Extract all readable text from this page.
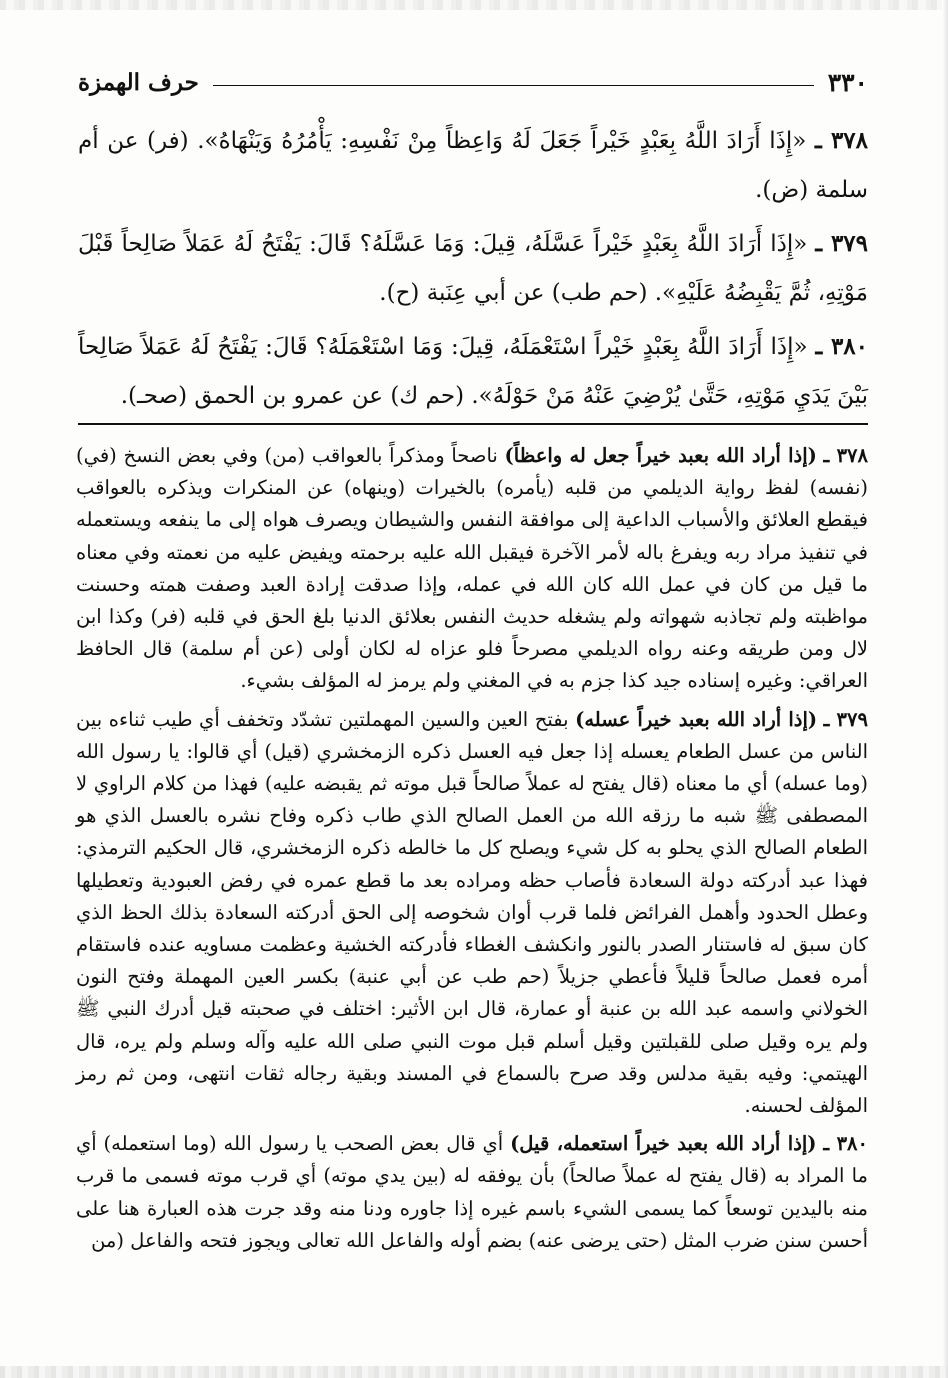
٣٣٠
حرف الهمزة

٣٧٨ ـ «إِذَا أَرَادَ اللَّهُ بِعَبْدٍ خَيْراً جَعَلَ لَهُ وَاعِظاً مِنْ نَفْسِهِ: يَأْمُرُهُ وَيَنْهَاهُ». (فر) عن أم سلمة (ض).

٣٧٩ ـ «إِذَا أَرَادَ اللَّهُ بِعَبْدٍ خَيْراً عَسَّلَهُ، قِيلَ: وَمَا عَسَّلَهُ؟ قَالَ: يَفْتَحُ لَهُ عَمَلاً صَالِحاً قَبْلَ مَوْتِهِ، ثُمَّ يَقْبِضُهُ عَلَيْهِ». (حم طب) عن أبي عِنَبة (ح).

٣٨٠ ـ «إِذَا أَرَادَ اللَّهُ بِعَبْدٍ خَيْراً اسْتَعْمَلَهُ، قِيلَ: وَمَا اسْتَعْمَلَهُ؟ قَالَ: يَفْتَحُ لَهُ عَمَلاً صَالِحاً بَيْنَ يَدَيِ مَوْتِهِ، حَتَّىٰ يُرْضِيَ عَنْهُ مَنْ حَوْلَهُ». (حم ك) عن عمرو بن الحمق (صحـ).

٣٧٨ ـ (إذا أراد الله بعبد خيراً جعل له واعظاً) ناصحاً ومذكراً بالعواقب (من) وفي بعض النسخ (في) (نفسه) لفظ رواية الديلمي من قلبه (يأمره) بالخيرات (وينهاه) عن المنكرات ويذكره بالعواقب فيقطع العلائق والأسباب الداعية إلى موافقة النفس والشيطان ويصرف هواه إلى ما ينفعه ويستعمله في تنفيذ مراد ربه ويفرغ باله لأمر الآخرة فيقبل الله عليه برحمته ويفيض عليه من نعمته وفي معناه ما قيل من كان في عمل الله كان الله في عمله، وإذا صدقت إرادة العبد وصفت همته وحسنت مواظبته ولم تجاذبه شهواته ولم يشغله حديث النفس بعلائق الدنيا بلغ الحق في قلبه (فر) وكذا ابن لال ومن طريقه وعنه رواه الديلمي مصرحاً فلو عزاه له لكان أولى (عن أم سلمة) قال الحافظ العراقي: وغيره إسناده جيد كذا جزم به في المغني ولم يرمز له المؤلف بشيء.

٣٧٩ ـ (إذا أراد الله بعبد خيراً عسله) بفتح العين والسين المهملتين تشدّد وتخفف أي طيب ثناءه بين الناس من عسل الطعام يعسله إذا جعل فيه العسل ذكره الزمخشري (قيل) أي قالوا: يا رسول الله (وما عسله) أي ما معناه (قال يفتح له عملاً صالحاً قبل موته ثم يقبضه عليه) فهذا من كلام الراوي لا المصطفى ﷺ شبه ما رزقه الله من العمل الصالح الذي طاب ذكره وفاح نشره بالعسل الذي هو الطعام الصالح الذي يحلو به كل شيء ويصلح كل ما خالطه ذكره الزمخشري، قال الحكيم الترمذي: فهذا عبد أدركته دولة السعادة فأصاب حظه ومراده بعد ما قطع عمره في رفض العبودية وتعطيلها وعطل الحدود وأهمل الفرائض فلما قرب أوان شخوصه إلى الحق أدركته السعادة بذلك الحظ الذي كان سبق له فاستنار الصدر بالنور وانكشف الغطاء فأدركته الخشية وعظمت مساويه عنده فاستقام أمره فعمل صالحاً قليلاً فأعطي جزيلاً (حم طب عن أبي عنبة) بكسر العين المهملة وفتح النون الخولاني واسمه عبد الله بن عنبة أو عمارة، قال ابن الأثير: اختلف في صحبته قيل أدرك النبي ﷺ ولم يره وقيل صلى للقبلتين وقيل أسلم قبل موت النبي صلى الله عليه وآله وسلم ولم يره، قال الهيتمي: وفيه بقية مدلس وقد صرح بالسماع في المسند وبقية رجاله ثقات انتهى، ومن ثم رمز المؤلف لحسنه.

٣٨٠ ـ (إذا أراد الله بعبد خيراً استعمله، قيل) أي قال بعض الصحب يا رسول الله (وما استعمله) أي ما المراد به (قال يفتح له عملاً صالحاً) بأن يوفقه له (بين يدي موته) أي قرب موته فسمى ما قرب منه باليدين توسعاً كما يسمى الشيء باسم غيره إذا جاوره ودنا منه وقد جرت هذه العبارة هنا على أحسن سنن ضرب المثل (حتى يرضى عنه) بضم أوله والفاعل الله تعالى ويجوز فتحه والفاعل (من
